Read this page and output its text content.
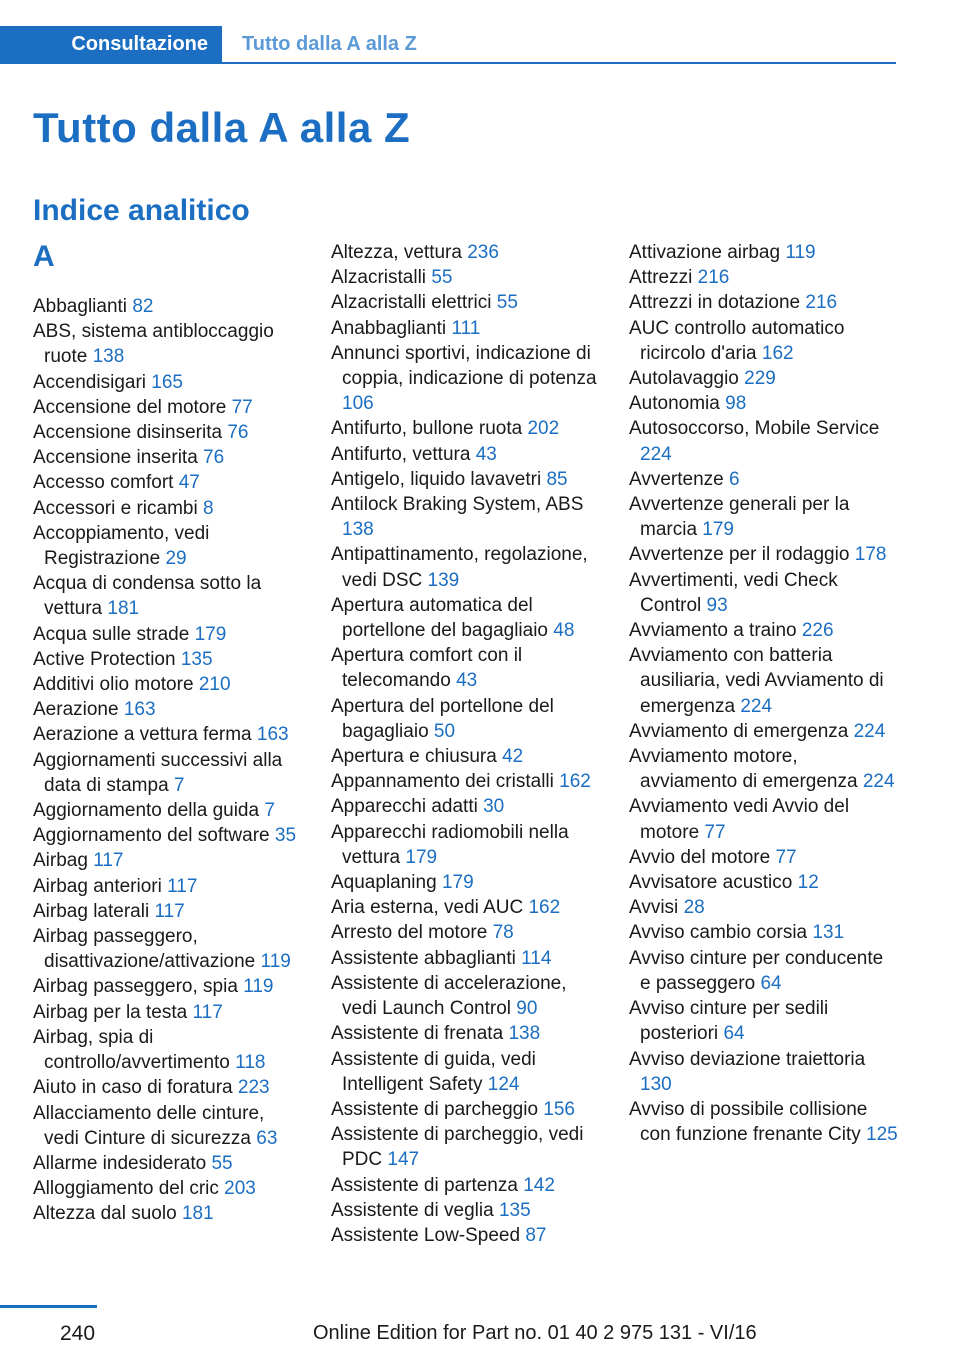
Consultazione	Tutto dalla A alla Z
Tutto dalla A alla Z
Indice analitico
A
Abbaglianti 82
ABS, sistema antibloccaggio ruote 138
Accendisigari 165
Accensione del motore 77
Accensione disinserita 76
Accensione inserita 76
Accesso comfort 47
Accessori e ricambi 8
Accoppiamento, vedi Registrazione 29
Acqua di condensa sotto la vettura 181
Acqua sulle strade 179
Active Protection 135
Additivi olio motore 210
Aerazione 163
Aerazione a vettura ferma 163
Aggiornamenti successivi alla data di stampa 7
Aggiornamento della guida 7
Aggiornamento del software 35
Airbag 117
Airbag anteriori 117
Airbag laterali 117
Airbag passeggero, disattivazione/attivazione 119
Airbag passeggero, spia 119
Airbag per la testa 117
Airbag, spia di controllo/avvertimento 118
Aiuto in caso di foratura 223
Allacciamento delle cinture, vedi Cinture di sicurezza 63
Allarme indesiderato 55
Alloggiamento del cric 203
Altezza dal suolo 181
Altezza, vettura 236
Alzacristalli 55
Alzacristalli elettrici 55
Anabbaglianti 111
Annunci sportivi, indicazione di coppia, indicazione di potenza 106
Antifurto, bullone ruota 202
Antifurto, vettura 43
Antigelo, liquido lavavetri 85
Antilock Braking System, ABS 138
Antipattinamento, regolazione, vedi DSC 139
Apertura automatica del portellone del bagagliaio 48
Apertura comfort con il telecomando 43
Apertura del portellone del bagagliaio 50
Apertura e chiusura 42
Appannamento dei cristalli 162
Apparecchi adatti 30
Apparecchi radiomobili nella vettura 179
Aquaplaning 179
Aria esterna, vedi AUC 162
Arresto del motore 78
Assistente abbaglianti 114
Assistente di accelerazione, vedi Launch Control 90
Assistente di frenata 138
Assistente di guida, vedi Intelligent Safety 124
Assistente di parcheggio 156
Assistente di parcheggio, vedi PDC 147
Assistente di partenza 142
Assistente di veglia 135
Assistente Low-Speed 87
Attivazione airbag 119
Attrezzi 216
Attrezzi in dotazione 216
AUC controllo automatico ricircolo d'aria 162
Autolavaggio 229
Autonomia 98
Autosoccorso, Mobile Service 224
Avvertenze 6
Avvertenze generali per la marcia 179
Avvertenze per il rodaggio 178
Avvertimenti, vedi Check Control 93
Avviamento a traino 226
Avviamento con batteria ausiliaria, vedi Avviamento di emergenza 224
Avviamento di emergenza 224
Avviamento motore, avviamento di emergenza 224
Avviamento vedi Avvio del motore 77
Avvio del motore 77
Avvisatore acustico 12
Avvisi 28
Avviso cambio corsia 131
Avviso cinture per conducente e passeggero 64
Avviso cinture per sedili posteriori 64
Avviso deviazione traiettoria 130
Avviso di possibile collisione con funzione frenante City 125
240	Online Edition for Part no. 01 40 2 975 131 - VI/16
